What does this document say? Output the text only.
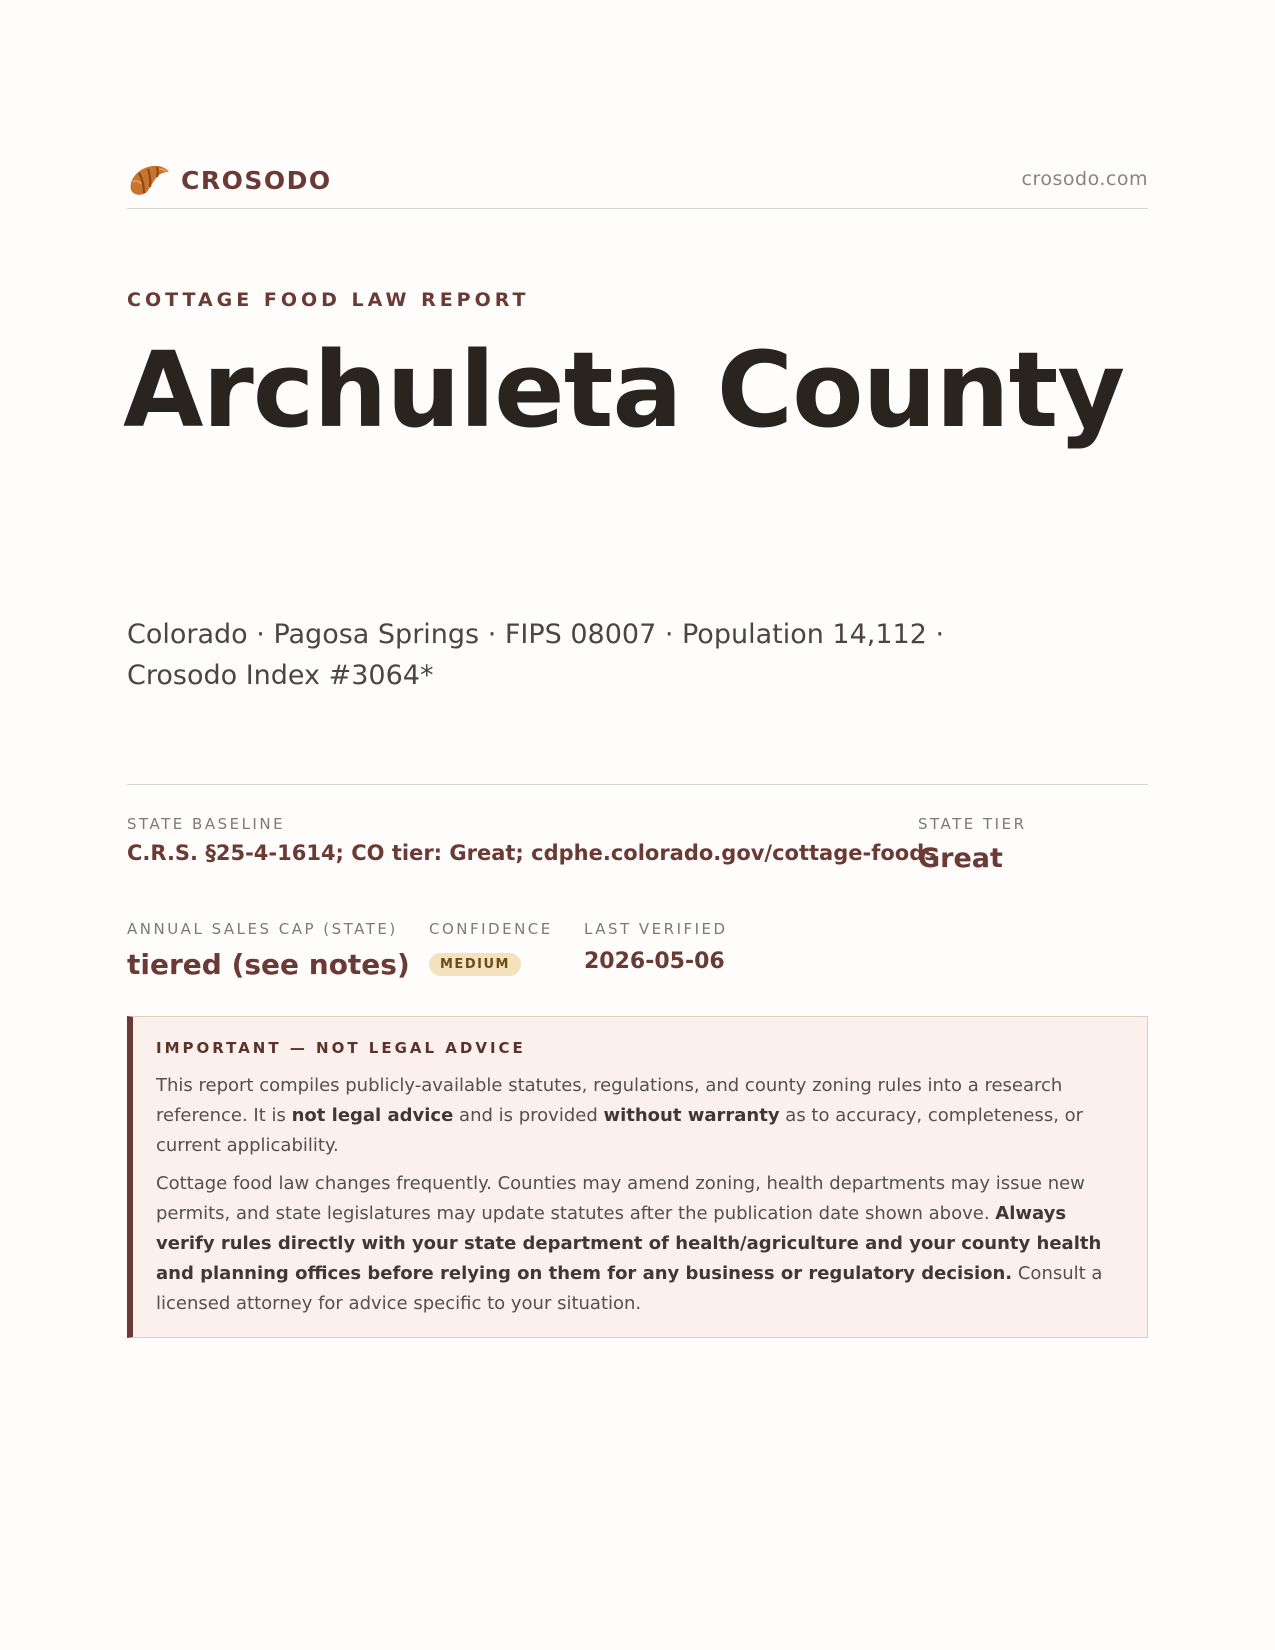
CROSODO	crosodo.com
COTTAGE FOOD LAW REPORT
Archuleta County
Colorado · Pagosa Springs · FIPS 08007 · Population 14,112 · Crosodo Index #3064*
STATE BASELINE
C.R.S. §25-4-1614; CO tier: Great; cdphe.colorado.gov/cottage-foods
STATE TIER
Great
ANNUAL SALES CAP (STATE)
tiered (see notes)
CONFIDENCE
MEDIUM
LAST VERIFIED
2026-05-06
IMPORTANT — NOT LEGAL ADVICE

This report compiles publicly-available statutes, regulations, and county zoning rules into a research reference. It is not legal advice and is provided without warranty as to accuracy, completeness, or current applicability.

Cottage food law changes frequently. Counties may amend zoning, health departments may issue new permits, and state legislatures may update statutes after the publication date shown above. Always verify rules directly with your state department of health/agriculture and your county health and planning offices before relying on them for any business or regulatory decision. Consult a licensed attorney for advice specific to your situation.
